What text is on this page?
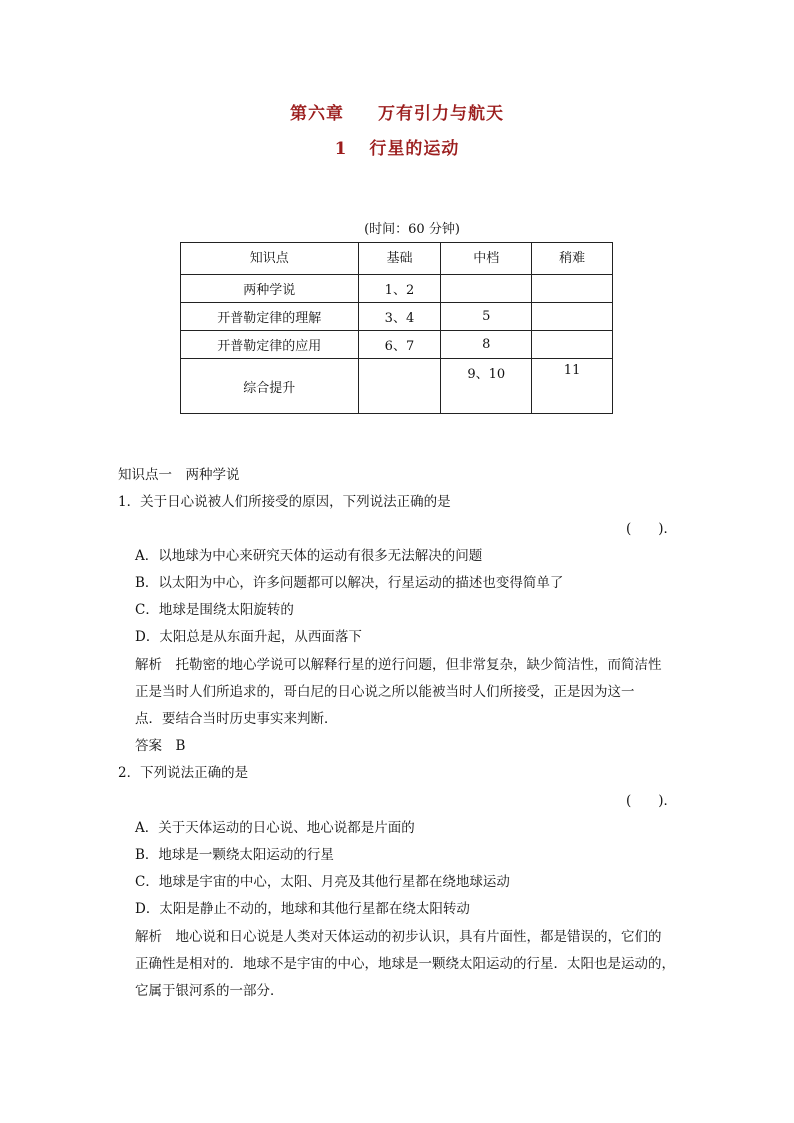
第六章 万有引力与航天
1 行星的运动
(时间：60 分钟)
知识点	基础	中档	稍难
两种学说	1、2		
开普勒定律的理解	3、4	5	
开普勒定律的应用	6、7	8	
综合提升		9、10	11
知识点一　两种学说
1．关于日心说被人们所接受的原因，下列说法正确的是
(　　)．
A．以地球为中心来研究天体的运动有很多无法解决的问题
B．以太阳为中心，许多问题都可以解决，行星运动的描述也变得简单了
C．地球是围绕太阳旋转的
D．太阳总是从东面升起，从西面落下
解析　托勒密的地心学说可以解释行星的逆行问题，但非常复杂，缺少简洁性，而简洁性
正是当时人们所追求的，哥白尼的日心说之所以能被当时人们所接受，正是因为这一
点．要结合当时历史事实来判断．
答案　B
2．下列说法正确的是
(　　)．
A．关于天体运动的日心说、地心说都是片面的
B．地球是一颗绕太阳运动的行星
C．地球是宇宙的中心，太阳、月亮及其他行星都在绕地球运动
D．太阳是静止不动的，地球和其他行星都在绕太阳转动
解析　地心说和日心说是人类对天体运动的初步认识，具有片面性，都是错误的，它们的
正确性是相对的．地球不是宇宙的中心，地球是一颗绕太阳运动的行星．太阳也是运动的，
它属于银河系的一部分．
